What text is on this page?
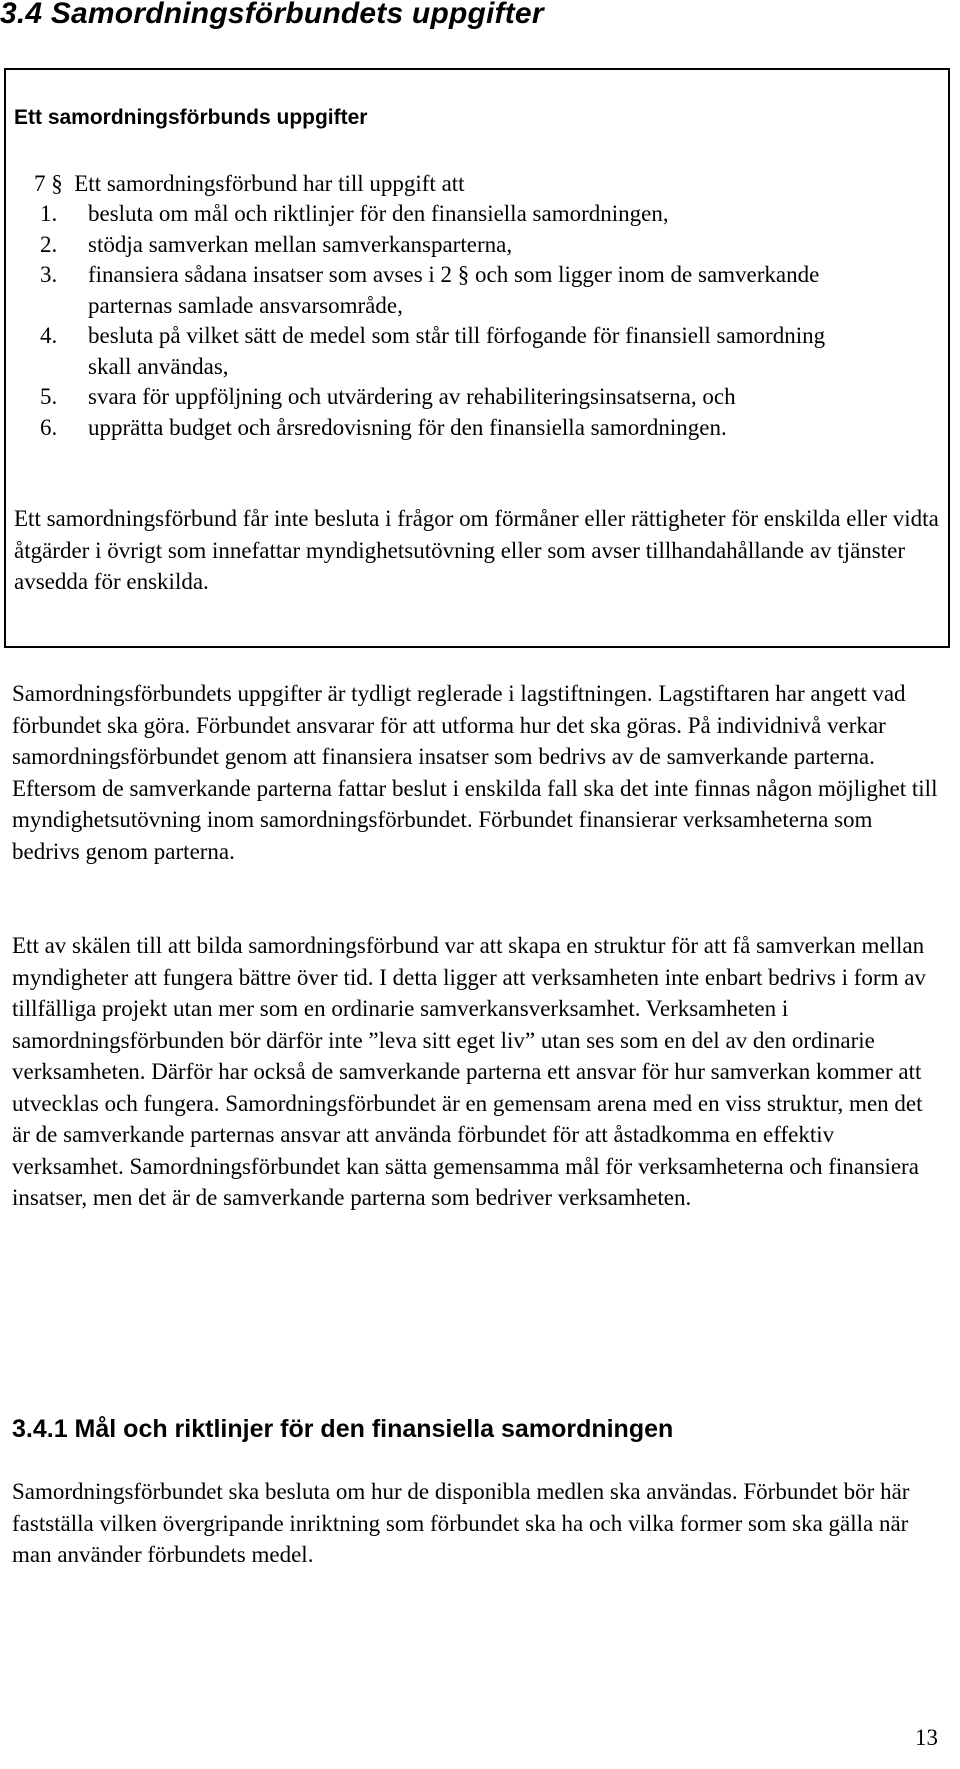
3.4 Samordningsförbundets uppgifter

Ett samordningsförbunds uppgifter

7 § Ett samordningsförbund har till uppgift att

1. besluta om mål och riktlinjer för den finansiella samordningen,
2. stödja samverkan mellan samverkansparterna,
3. finansiera sådana insatser som avses i 2 § och som ligger inom de samverkande parternas samlade ansvarsområde,
4. besluta på vilket sätt de medel som står till förfogande för finansiell samordning skall användas,
5. svara för uppföljning och utvärdering av rehabiliteringsinsatserna, och
6. upprätta budget och årsredovisning för den finansiella samordningen.

Ett samordningsförbund får inte besluta i frågor om förmåner eller rättigheter för enskilda eller vidta åtgärder i övrigt som innefattar myndighetsutövning eller som avser tillhandahållande av tjänster avsedda för enskilda.

Samordningsförbundets uppgifter är tydligt reglerade i lagstiftningen. Lagstiftaren har angett vad förbundet ska göra. Förbundet ansvarar för att utforma hur det ska göras. På individnivå verkar samordningsförbundet genom att finansiera insatser som bedrivs av de samverkande parterna. Eftersom de samverkande parterna fattar beslut i enskilda fall ska det inte finnas någon möjlighet till myndighetsutövning inom samordningsförbundet. Förbundet finansierar verksamheterna som bedrivs genom parterna.

Ett av skälen till att bilda samordningsförbund var att skapa en struktur för att få samverkan mellan myndigheter att fungera bättre över tid. I detta ligger att verksamheten inte enbart bedrivs i form av tillfälliga projekt utan mer som en ordinarie samverkansverksamhet. Verksamheten i samordningsförbunden bör därför inte ”leva sitt eget liv” utan ses som en del av den ordinarie verksamheten. Därför har också de samverkande parterna ett ansvar för hur samverkan kommer att utvecklas och fungera. Samordningsförbundet är en gemensam arena med en viss struktur, men det är de samverkande parternas ansvar att använda förbundet för att åstadkomma en effektiv verksamhet. Samordningsförbundet kan sätta gemensamma mål för verksamheterna och finansiera insatser, men det är de samverkande parterna som bedriver verksamheten.

3.4.1 Mål och riktlinjer för den finansiella samordningen

Samordningsförbundet ska besluta om hur de disponibla medlen ska användas. Förbundet bör här fastställa vilken övergripande inriktning som förbundet ska ha och vilka former som ska gälla när man använder förbundets medel.

13
